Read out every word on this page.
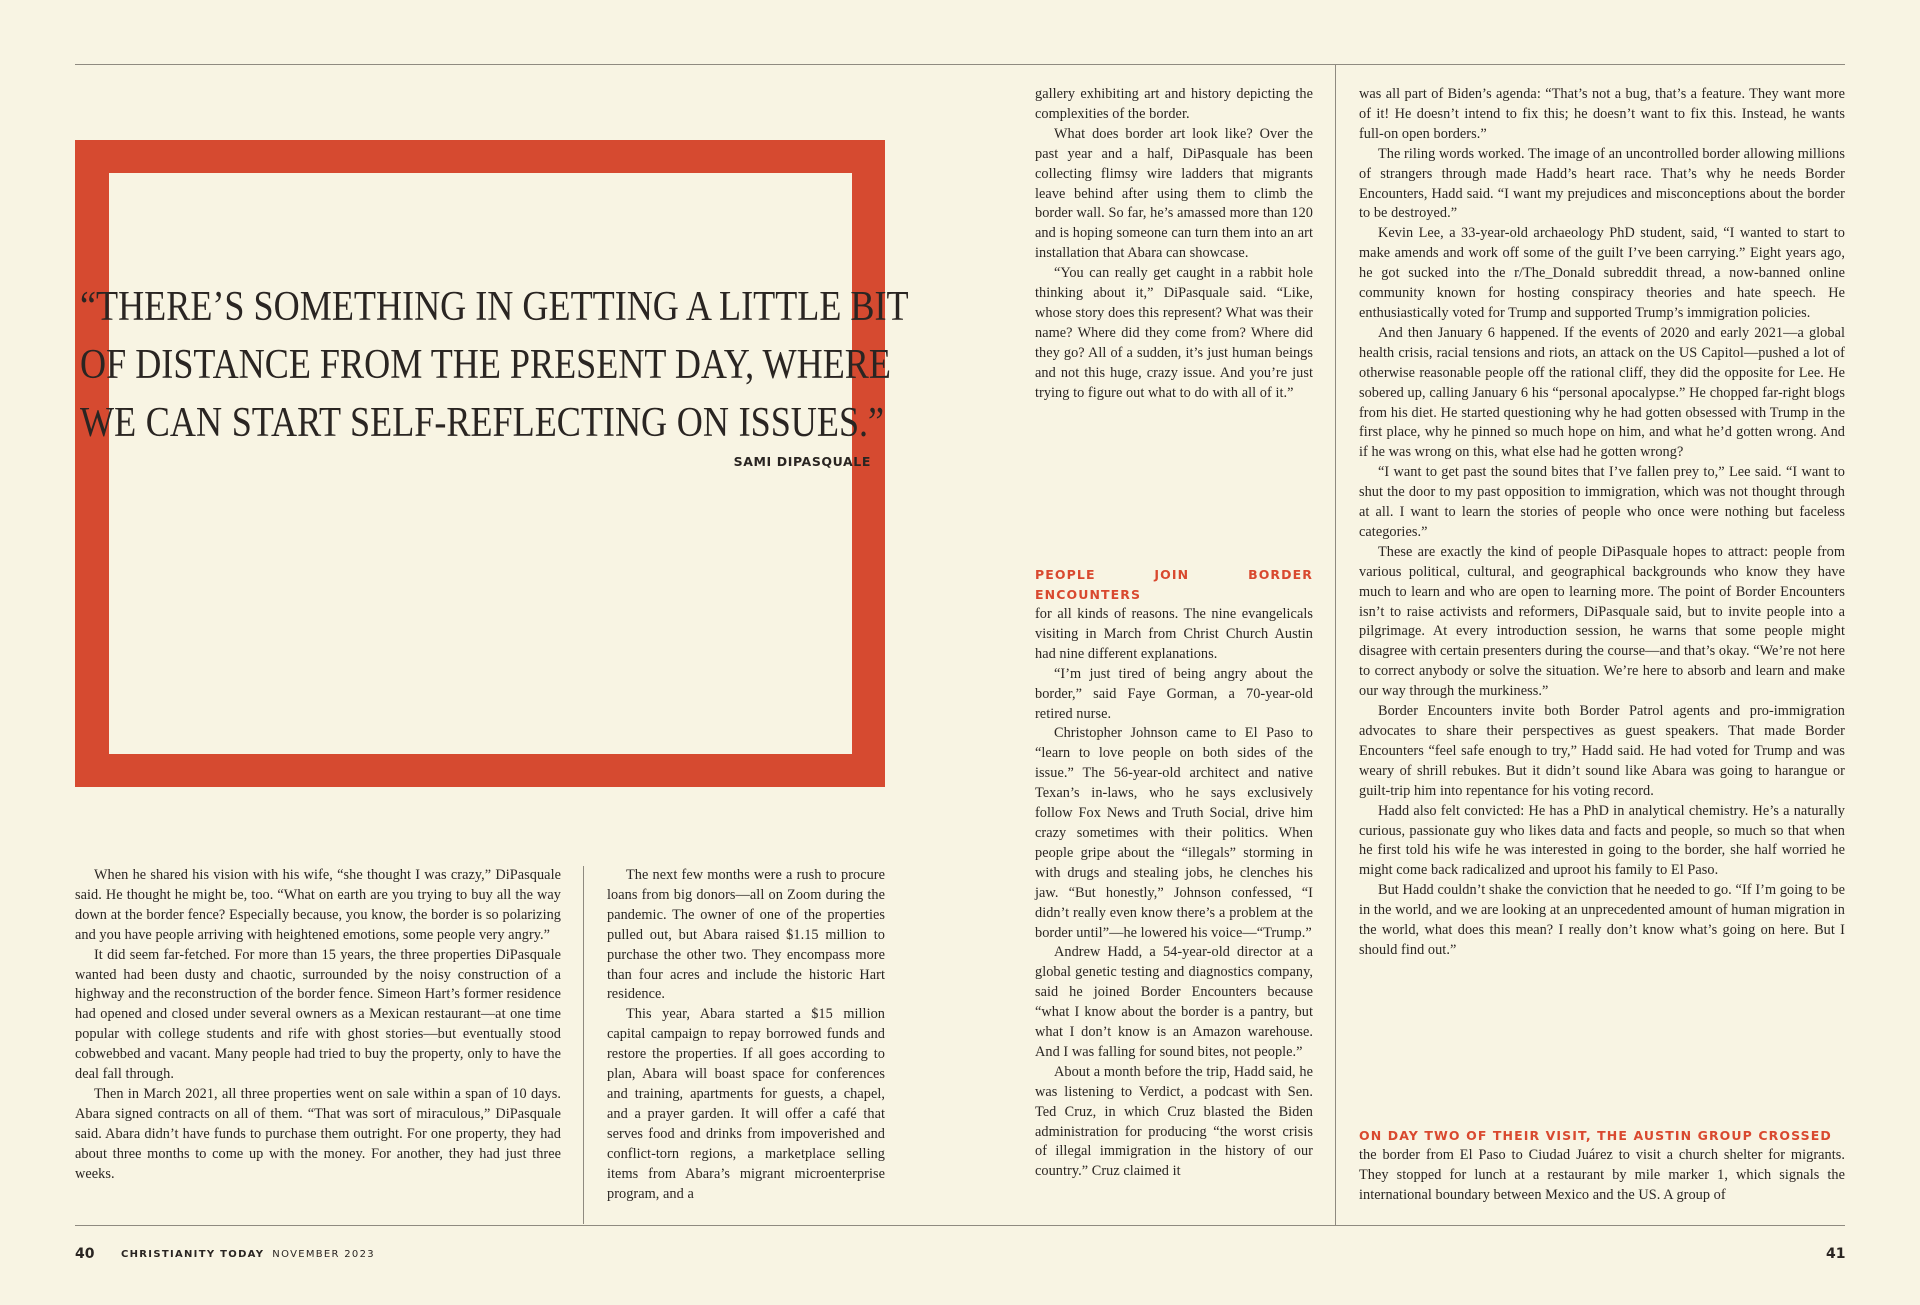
“THERE’S SOMETHING IN GETTING A LITTLE BIT
OF DISTANCE FROM THE PRESENT DAY, WHERE
WE CAN START SELF-REFLECTING ON ISSUES.”
SAMI DIPASQUALE

When he shared his vision with his wife, “she thought I was crazy,” DiPasquale said. He thought he might be, too. “What on earth are you trying to buy all the way down at the border fence? Especially because, you know, the border is so polarizing and you have people arriving with heightened emotions, some people very angry.”

It did seem far-fetched. For more than 15 years, the three properties DiPasquale wanted had been dusty and chaotic, surrounded by the noisy construction of a highway and the reconstruction of the border fence. Simeon Hart’s former residence had opened and closed under several owners as a Mexican restaurant—at one time popular with college students and rife with ghost stories—but eventually stood cobwebbed and vacant. Many people had tried to buy the property, only to have the deal fall through.

Then in March 2021, all three properties went on sale within a span of 10 days. Abara signed contracts on all of them. “That was sort of miraculous,” DiPasquale said. Abara didn’t have funds to purchase them outright. For one property, they had about three months to come up with the money. For another, they had just three weeks.

The next few months were a rush to procure loans from big donors—all on Zoom during the pandemic. The owner of one of the properties pulled out, but Abara raised $1.15 million to purchase the other two. They encompass more than four acres and include the historic Hart residence.

This year, Abara started a $15 million capital campaign to repay borrowed funds and restore the properties. If all goes according to plan, Abara will boast space for conferences and training, apartments for guests, a chapel, and a prayer garden. It will offer a café that serves food and drinks from impoverished and conflict-torn regions, a marketplace selling items from Abara’s migrant microenterprise program, and a

gallery exhibiting art and history depicting the complexities of the border.

What does border art look like? Over the past year and a half, DiPasquale has been collecting flimsy wire ladders that migrants leave behind after using them to climb the border wall. So far, he’s amassed more than 120 and is hoping someone can turn them into an art installation that Abara can showcase.

“You can really get caught in a rabbit hole thinking about it,” DiPasquale said. “Like, whose story does this represent? What was their name? Where did they come from? Where did they go? All of a sudden, it’s just human beings and not this huge, crazy issue. And you’re just trying to figure out what to do with all of it.”

PEOPLE JOIN BORDER ENCOUNTERS

for all kinds of reasons. The nine evangelicals visiting in March from Christ Church Austin had nine different explanations.

“I’m just tired of being angry about the border,” said Faye Gorman, a 70-year-old retired nurse.

Christopher Johnson came to El Paso to “learn to love people on both sides of the issue.” The 56-year-old architect and native Texan’s in-laws, who he says exclusively follow Fox News and Truth Social, drive him crazy sometimes with their politics. When people gripe about the “illegals” storming in with drugs and stealing jobs, he clenches his jaw. “But honestly,” Johnson confessed, “I didn’t really even know there’s a problem at the border until”—he lowered his voice—“Trump.”

Andrew Hadd, a 54-year-old director at a global genetic testing and diagnostics company, said he joined Border Encounters because “what I know about the border is a pantry, but what I don’t know is an Amazon warehouse. And I was falling for sound bites, not people.”

About a month before the trip, Hadd said, he was listening to Verdict, a podcast with Sen. Ted Cruz, in which Cruz blasted the Biden administration for producing “the worst crisis of illegal immigration in the history of our country.” Cruz claimed it

was all part of Biden’s agenda: “That’s not a bug, that’s a feature. They want more of it! He doesn’t intend to fix this; he doesn’t want to fix this. Instead, he wants full-on open borders.”

The riling words worked. The image of an uncontrolled border allowing millions of strangers through made Hadd’s heart race. That’s why he needs Border Encounters, Hadd said. “I want my prejudices and misconceptions about the border to be destroyed.”

Kevin Lee, a 33-year-old archaeology PhD student, said, “I wanted to start to make amends and work off some of the guilt I’ve been carrying.” Eight years ago, he got sucked into the r/The_Donald subreddit thread, a now-banned online community known for hosting conspiracy theories and hate speech. He enthusiastically voted for Trump and supported Trump’s immigration policies.

And then January 6 happened. If the events of 2020 and early 2021—a global health crisis, racial tensions and riots, an attack on the US Capitol—pushed a lot of otherwise reasonable people off the rational cliff, they did the opposite for Lee. He sobered up, calling January 6 his “personal apocalypse.” He chopped far-right blogs from his diet. He started questioning why he had gotten obsessed with Trump in the first place, why he pinned so much hope on him, and what he’d gotten wrong. And if he was wrong on this, what else had he gotten wrong?

“I want to get past the sound bites that I’ve fallen prey to,” Lee said. “I want to shut the door to my past opposition to immigration, which was not thought through at all. I want to learn the stories of people who once were nothing but faceless categories.”

These are exactly the kind of people DiPasquale hopes to attract: people from various political, cultural, and geographical backgrounds who know they have much to learn and who are open to learning more. The point of Border Encounters isn’t to raise activists and reformers, DiPasquale said, but to invite people into a pilgrimage. At every introduction session, he warns that some people might disagree with certain presenters during the course—and that’s okay. “We’re not here to correct anybody or solve the situation. We’re here to absorb and learn and make our way through the murkiness.”

Border Encounters invite both Border Patrol agents and pro-immigration advocates to share their perspectives as guest speakers. That made Border Encounters “feel safe enough to try,” Hadd said. He had voted for Trump and was weary of shrill rebukes. But it didn’t sound like Abara was going to harangue or guilt-trip him into repentance for his voting record.

Hadd also felt convicted: He has a PhD in analytical chemistry. He’s a naturally curious, passionate guy who likes data and facts and people, so much so that when he first told his wife he was interested in going to the border, she half worried he might come back radicalized and uproot his family to El Paso.

But Hadd couldn’t shake the conviction that he needed to go. “If I’m going to be in the world, and we are looking at an unprecedented amount of human migration in the world, what does this mean? I really don’t know what’s going on here. But I should find out.”

ON DAY TWO OF THEIR VISIT, THE AUSTIN GROUP CROSSED

the border from El Paso to Ciudad Juárez to visit a church shelter for migrants. They stopped for lunch at a restaurant by mile marker 1, which signals the international boundary between Mexico and the US. A group of

40	CHRISTIANITY TODAY NOVEMBER 2023	41
